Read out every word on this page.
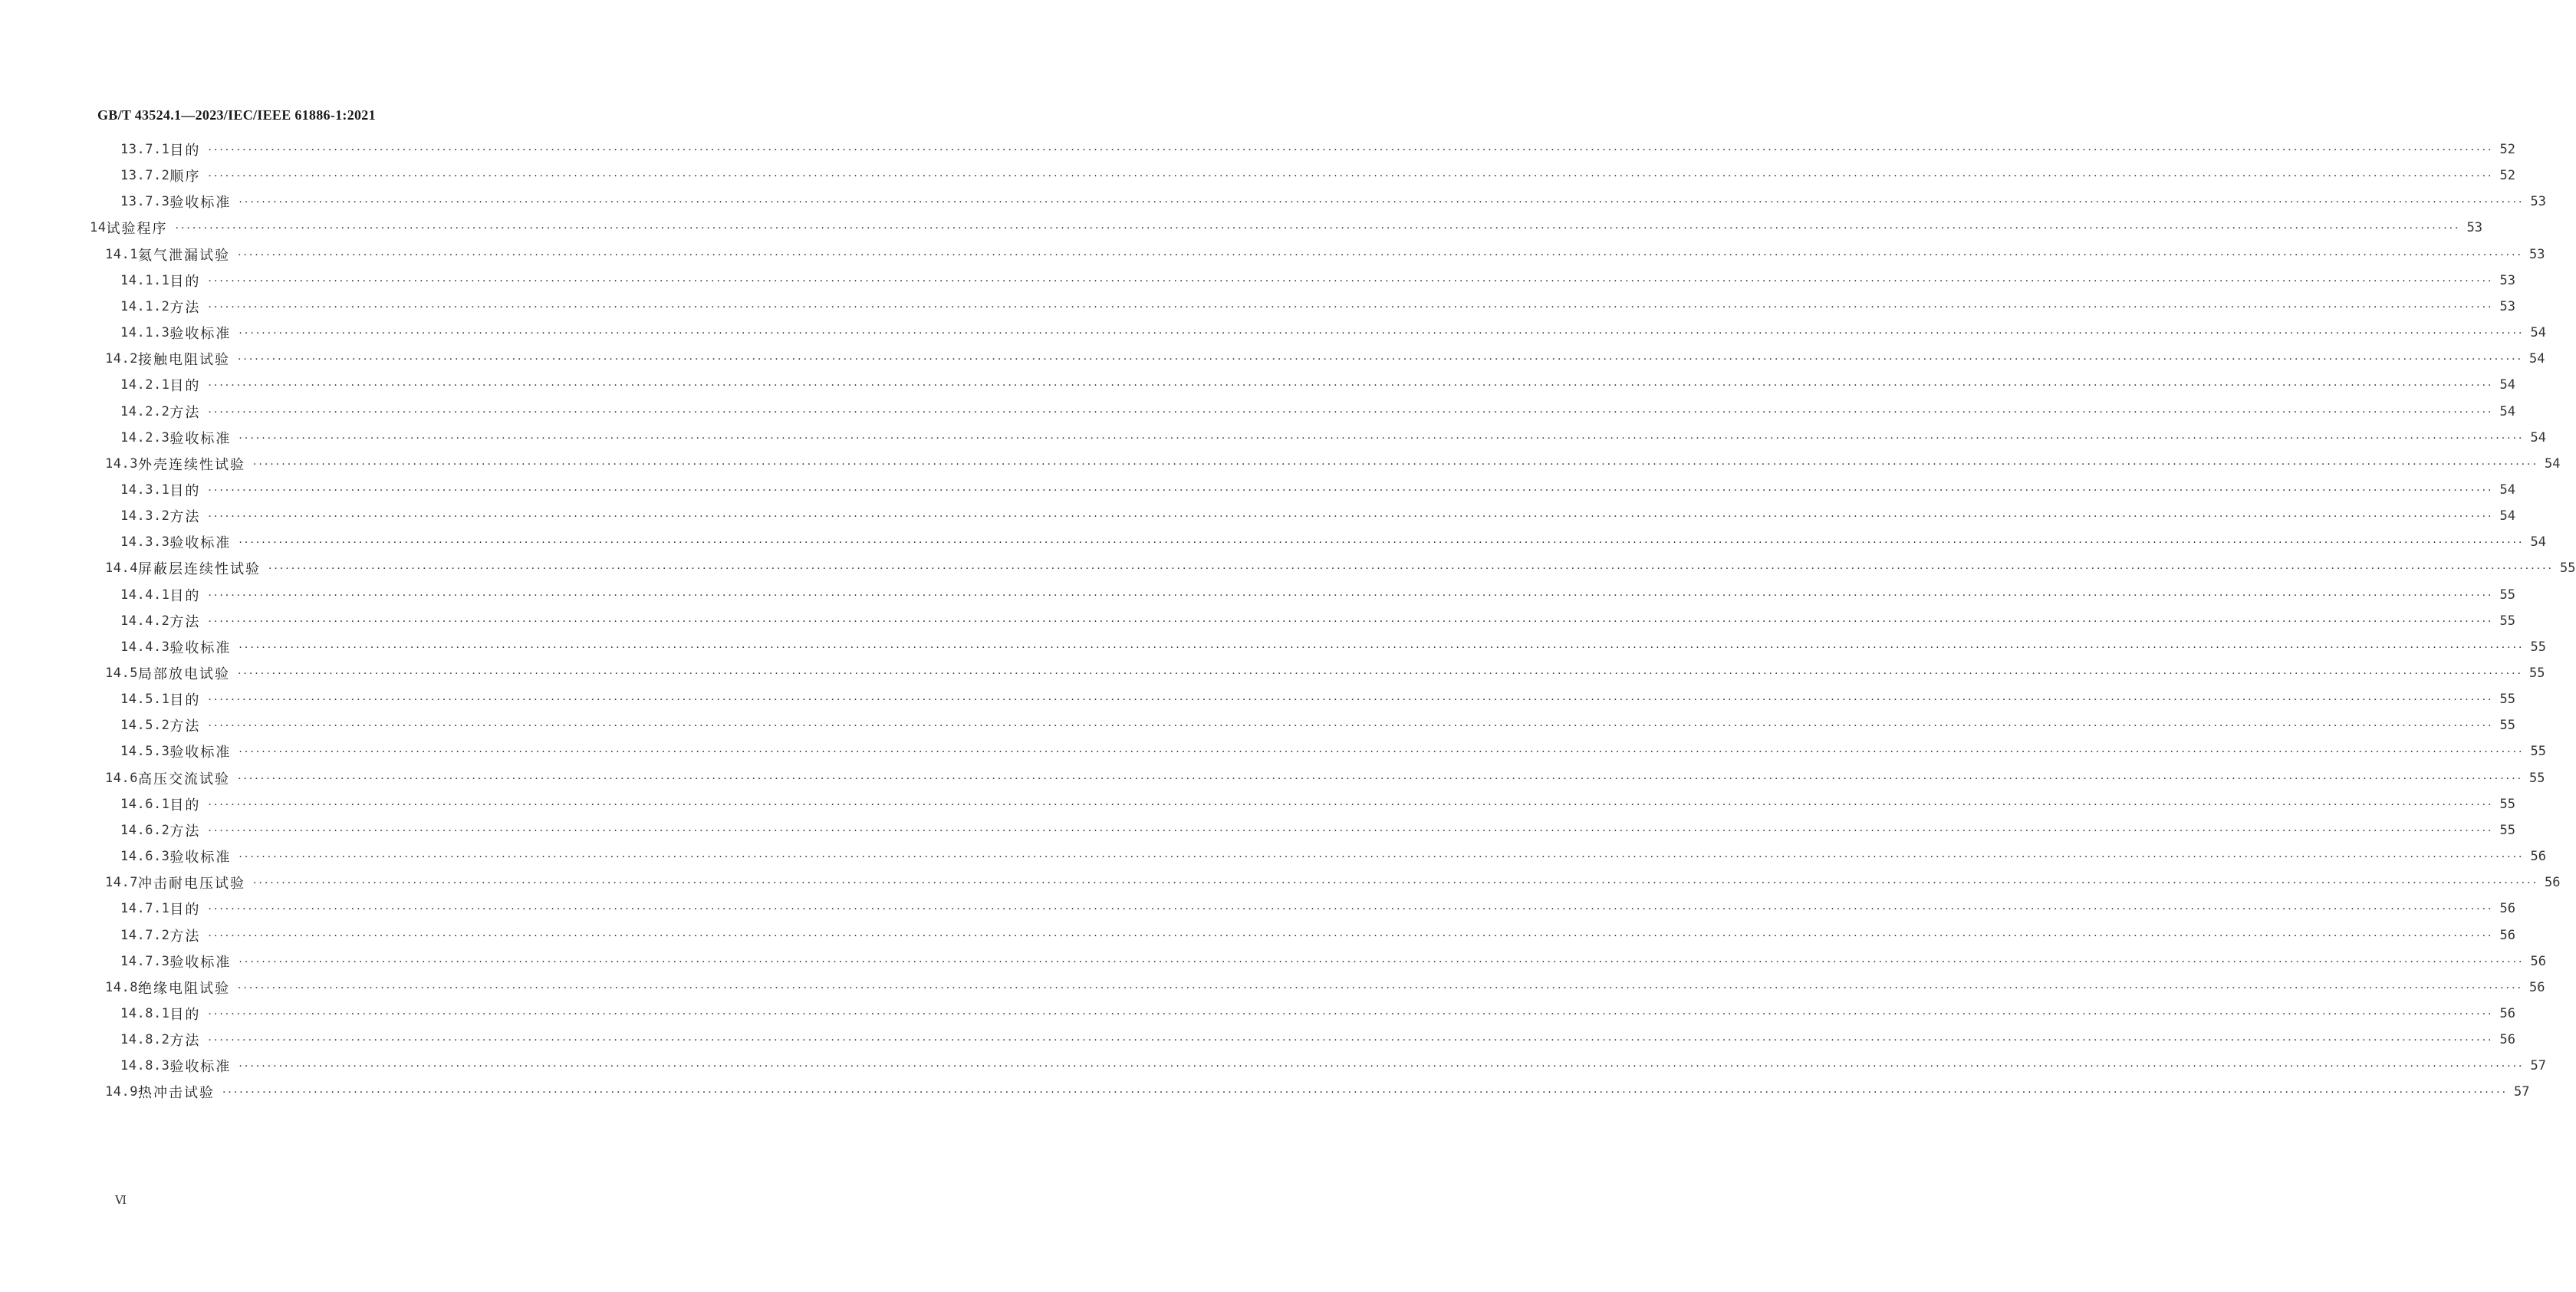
GB/T 43524.1—2023/IEC/IEEE 61886-1:2021
13.7.1 目的 ················································································································································································································································································································································································································ 52
13.7.2 顺序 ················································································································································································································································································································································································································ 52
13.7.3 验收标准 ················································································································································································································································································································································································································ 53
14 试验程序 ················································································································································································································································································································································································································ 53
14.1 氦气泄漏试验 ················································································································································································································································································································································································································ 53
14.1.1 目的 ················································································································································································································································································································································································································ 53
14.1.2 方法 ················································································································································································································································································································································································································ 53
14.1.3 验收标准 ················································································································································································································································································································································································································ 54
14.2 接触电阻试验 ················································································································································································································································································································································································································ 54
14.2.1 目的 ················································································································································································································································································································································································································ 54
14.2.2 方法 ················································································································································································································································································································································································································ 54
14.2.3 验收标准 ················································································································································································································································································································································································································ 54
14.3 外壳连续性试验 ················································································································································································································································································································································································································ 54
14.3.1 目的 ················································································································································································································································································································································································································ 54
14.3.2 方法 ················································································································································································································································································································································································································ 54
14.3.3 验收标准 ················································································································································································································································································································································································································ 54
14.4 屏蔽层连续性试验 ················································································································································································································································································································································································································ 55
14.4.1 目的 ················································································································································································································································································································································································································ 55
14.4.2 方法 ················································································································································································································································································································································································································ 55
14.4.3 验收标准 ················································································································································································································································································································································································································ 55
14.5 局部放电试验 ················································································································································································································································································································································································································ 55
14.5.1 目的 ················································································································································································································································································································································································································ 55
14.5.2 方法 ················································································································································································································································································································································································································ 55
14.5.3 验收标准 ················································································································································································································································································································································································································ 55
14.6 高压交流试验 ················································································································································································································································································································································································································ 55
14.6.1 目的 ················································································································································································································································································································································································································ 55
14.6.2 方法 ················································································································································································································································································································································································································ 55
14.6.3 验收标准 ················································································································································································································································································································································································································ 56
14.7 冲击耐电压试验 ················································································································································································································································································································································································································ 56
14.7.1 目的 ················································································································································································································································································································································································································ 56
14.7.2 方法 ················································································································································································································································································································································································································ 56
14.7.3 验收标准 ················································································································································································································································································································································································································ 56
14.8 绝缘电阻试验 ················································································································································································································································································································································································································ 56
14.8.1 目的 ················································································································································································································································································································································································································ 56
14.8.2 方法 ················································································································································································································································································································································································································ 56
14.8.3 验收标准 ················································································································································································································································································································································································································ 57
14.9 热冲击试验 ················································································································································································································································································································································································································ 57
Ⅵ
